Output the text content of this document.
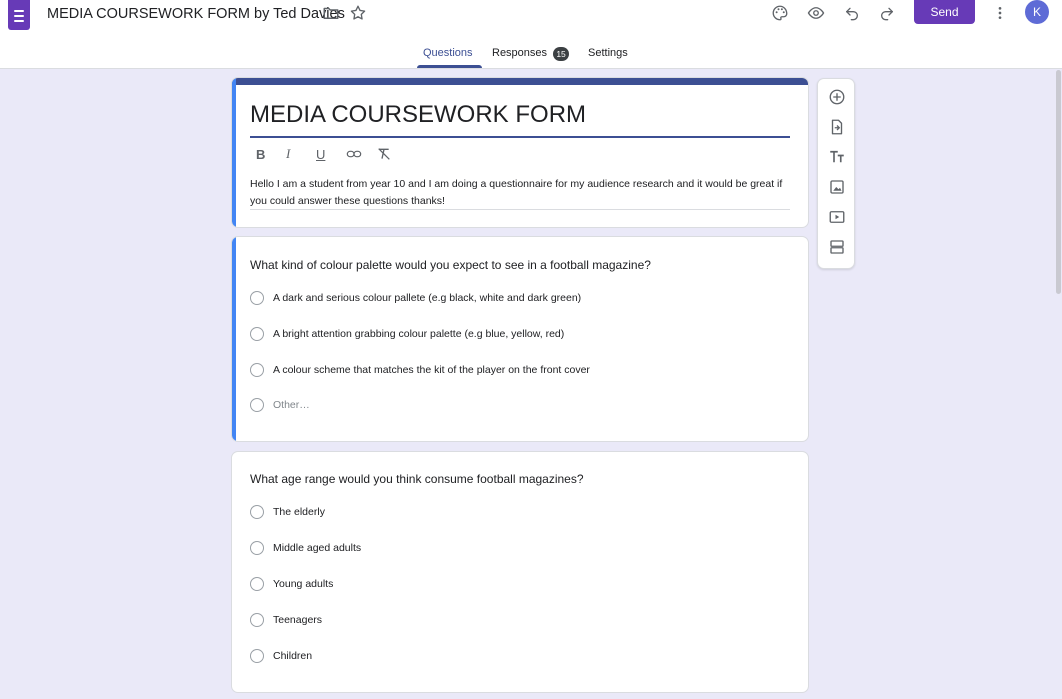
MEDIA COURSEWORK FORM by Ted Davies	Send	K
Questions Responses	15 Settings
MEDIA COURSEWORK FORM
B	I	U
Hello I am a student from year 10 and I am doing a questionnaire for my audience research and it would be great if you could answer these questions thanks!
What kind of colour palette would you expect to see in a football magazine?
A dark and serious colour pallete (e.g black, white and dark green)
A bright attention grabbing colour palette (e.g blue, yellow, red)
A colour scheme that matches the kit of the player on the front cover
Other…
What age range would you think consume football magazines?
The elderly
Middle aged adults
Young adults
Teenagers
Children
